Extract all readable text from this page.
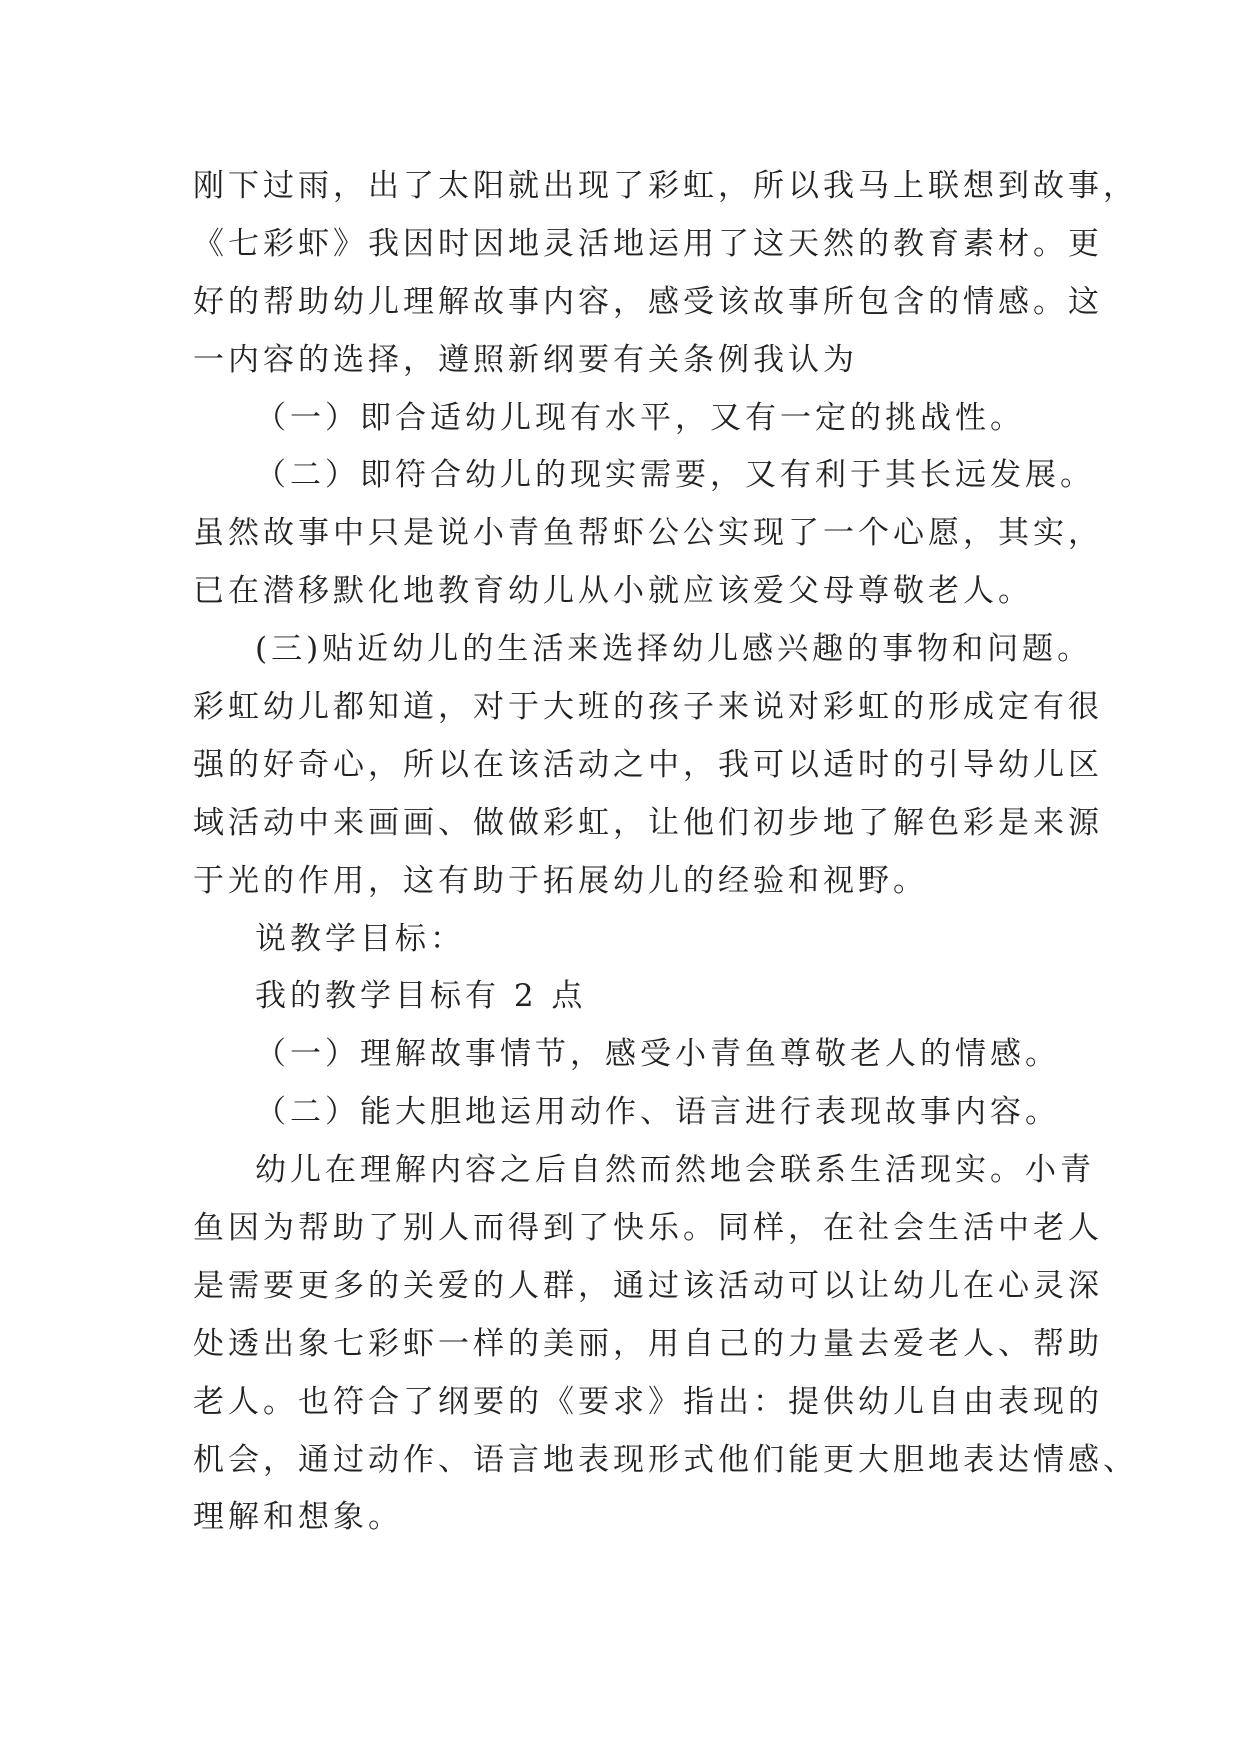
刚下过雨，出了太阳就出现了彩虹，所以我马上联想到故事，
《七彩虾》我因时因地灵活地运用了这天然的教育素材。更
好的帮助幼儿理解故事内容，感受该故事所包含的情感。这
一内容的选择，遵照新纲要有关条例我认为
（一）即合适幼儿现有水平，又有一定的挑战性。
（二）即符合幼儿的现实需要，又有利于其长远发展。
虽然故事中只是说小青鱼帮虾公公实现了一个心愿，其实，
已在潜移默化地教育幼儿从小就应该爱父母尊敬老人。
(三)贴近幼儿的生活来选择幼儿感兴趣的事物和问题。
彩虹幼儿都知道，对于大班的孩子来说对彩虹的形成定有很
强的好奇心，所以在该活动之中，我可以适时的引导幼儿区
域活动中来画画、做做彩虹，让他们初步地了解色彩是来源
于光的作用，这有助于拓展幼儿的经验和视野。
说教学目标：
我的教学目标有 2 点
（一）理解故事情节，感受小青鱼尊敬老人的情感。
（二）能大胆地运用动作、语言进行表现故事内容。
幼儿在理解内容之后自然而然地会联系生活现实。小青
鱼因为帮助了别人而得到了快乐。同样，在社会生活中老人
是需要更多的关爱的人群，通过该活动可以让幼儿在心灵深
处透出象七彩虾一样的美丽，用自己的力量去爱老人、帮助
老人。也符合了纲要的《要求》指出：提供幼儿自由表现的
机会，通过动作、语言地表现形式他们能更大胆地表达情感、
理解和想象。
